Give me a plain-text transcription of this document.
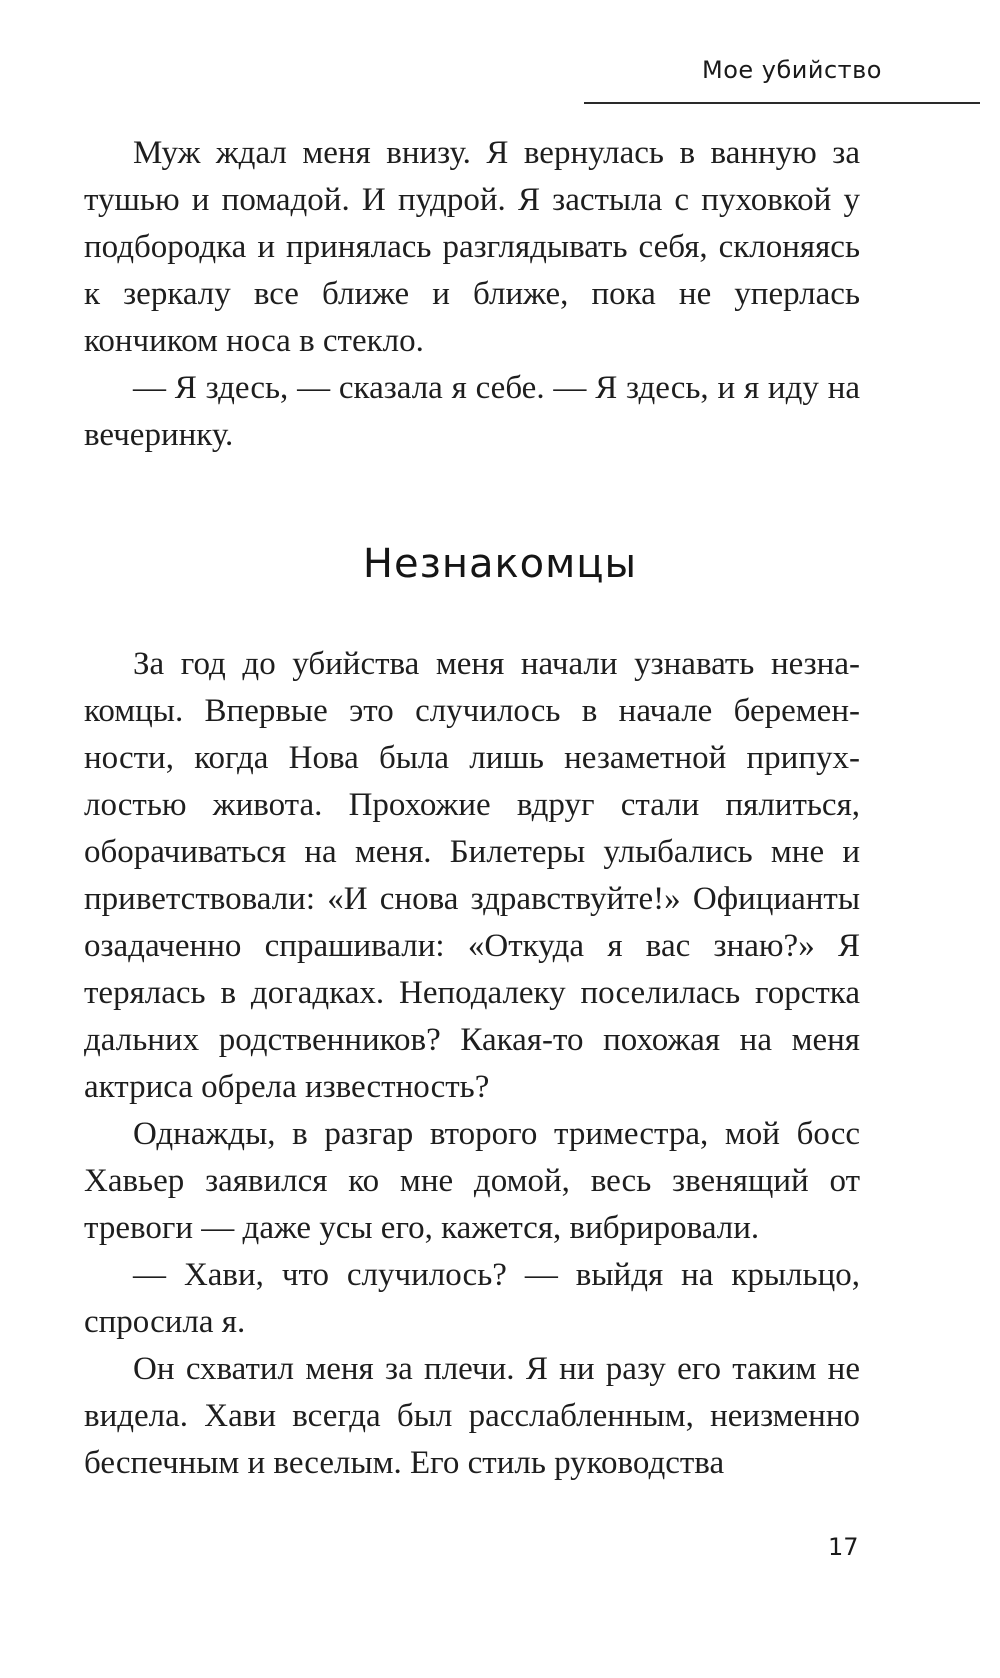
Мое убийство

Муж ждал меня внизу. Я вернулась в ванную за тушью и помадой. И пудрой. Я застыла с пуховкой у подбородка и принялась разглядывать себя, склоняясь к зеркалу все ближе и ближе, пока не уперлась кончиком носа в стекло.

— Я здесь, — сказала я себе. — Я здесь, и я иду на вечеринку.

Незнакомцы

За год до убийства меня начали узнавать незнакомцы. Впервые это случилось в начале беременности, когда Нова была лишь незаметной припухлостью живота. Прохожие вдруг стали пялиться, оборачиваться на меня. Билетеры улыбались мне и приветствовали: «И снова здравствуйте!» Официанты озадаченно спрашивали: «Откуда я вас знаю?» Я терялась в догадках. Неподалеку поселилась горстка дальних родственников? Какая-то похожая на меня актриса обрела известность?

Однажды, в разгар второго триместра, мой босс Хавьер заявился ко мне домой, весь звенящий от тревоги — даже усы его, кажется, вибрировали.

— Хави, что случилось? — выйдя на крыльцо, спросила я.

Он схватил меня за плечи. Я ни разу его таким не видела. Хави всегда был расслабленным, неизменно беспечным и веселым. Его стиль руководства

17
